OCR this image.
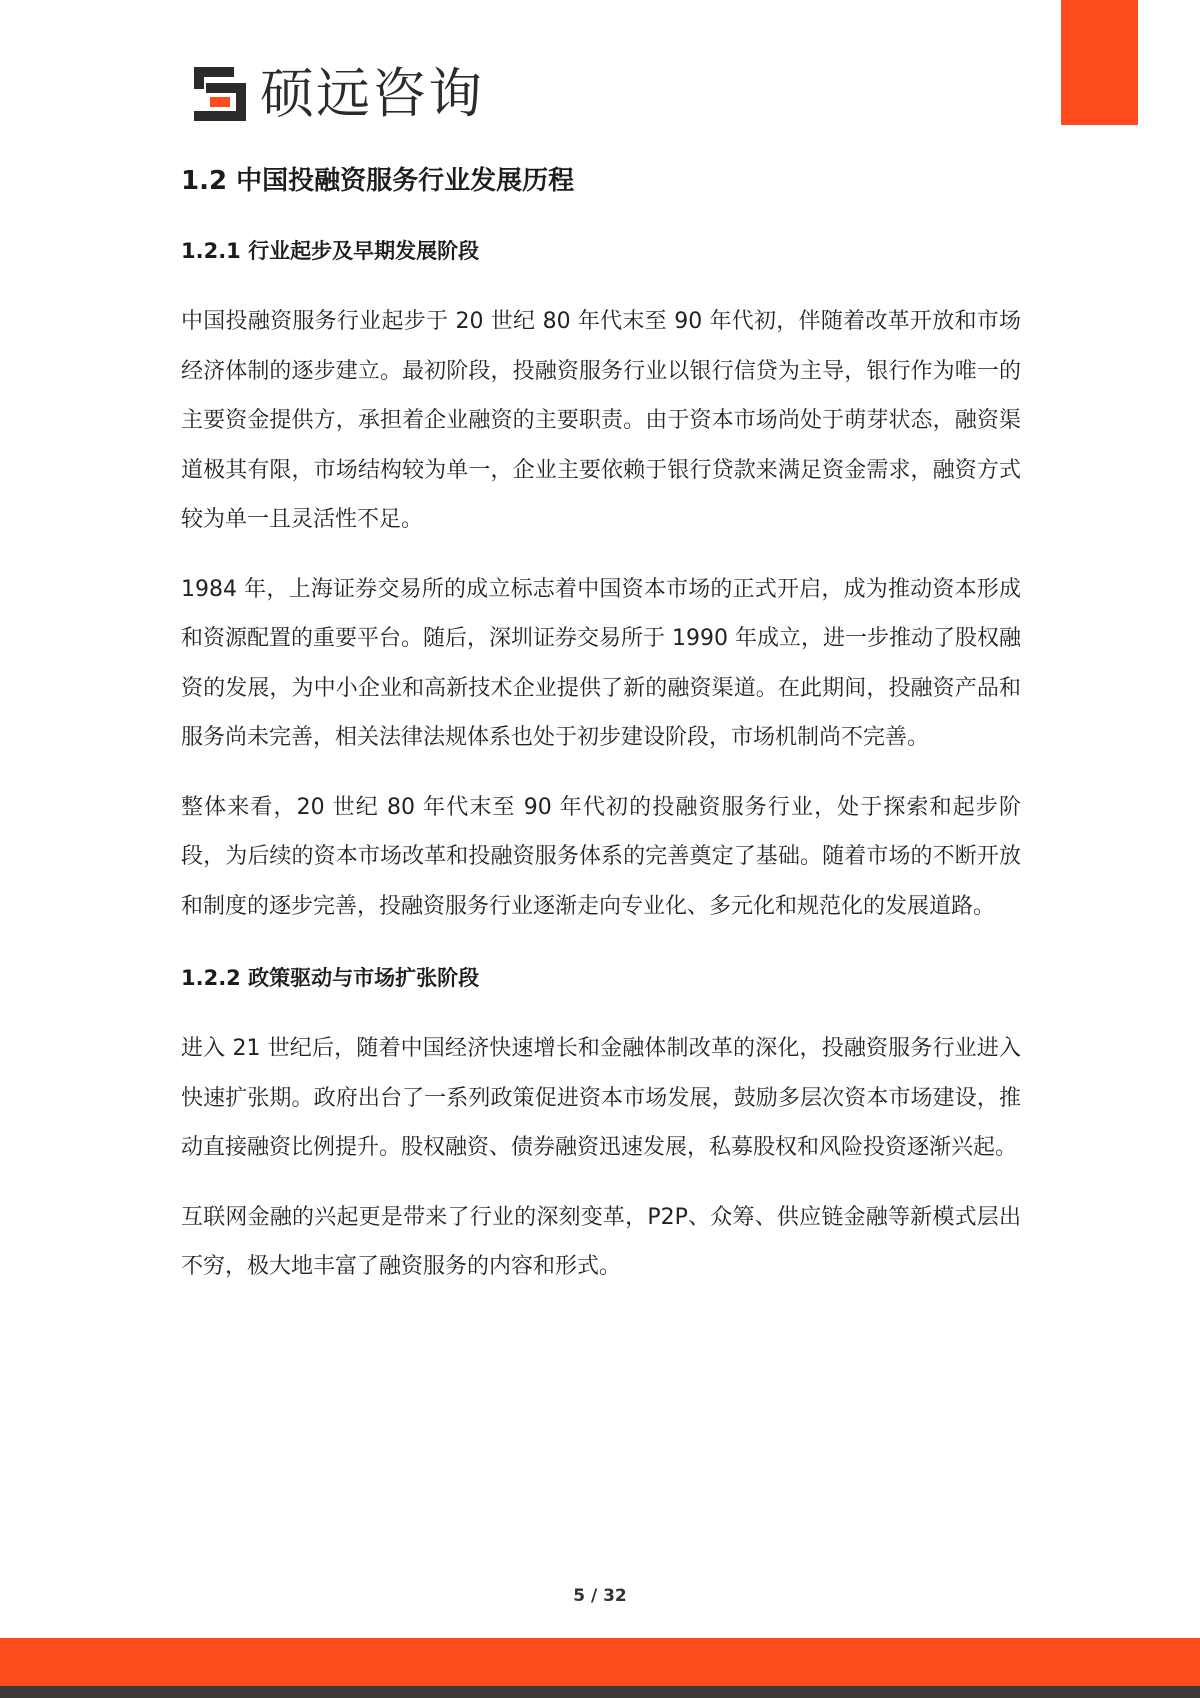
硕远咨询
1.2 中国投融资服务行业发展历程
1.2.1 行业起步及早期发展阶段

中国投融资服务行业起步于 20 世纪 80 年代末至 90 年代初，伴随着改革开放和市场经济体制的逐步建立。最初阶段，投融资服务行业以银行信贷为主导，银行作为唯一的主要资金提供方，承担着企业融资的主要职责。由于资本市场尚处于萌芽状态，融资渠道极其有限，市场结构较为单一，企业主要依赖于银行贷款来满足资金需求，融资方式较为单一且灵活性不足。

1984 年，上海证券交易所的成立标志着中国资本市场的正式开启，成为推动资本形成和资源配置的重要平台。随后，深圳证券交易所于 1990 年成立，进一步推动了股权融资的发展，为中小企业和高新技术企业提供了新的融资渠道。在此期间，投融资产品和服务尚未完善，相关法律法规体系也处于初步建设阶段，市场机制尚不完善。

整体来看，20 世纪 80 年代末至 90 年代初的投融资服务行业，处于探索和起步阶段，为后续的资本市场改革和投融资服务体系的完善奠定了基础。随着市场的不断开放和制度的逐步完善，投融资服务行业逐渐走向专业化、多元化和规范化的发展道路。

1.2.2 政策驱动与市场扩张阶段

进入 21 世纪后，随着中国经济快速增长和金融体制改革的深化，投融资服务行业进入快速扩张期。政府出台了一系列政策促进资本市场发展，鼓励多层次资本市场建设，推动直接融资比例提升。股权融资、债券融资迅速发展，私募股权和风险投资逐渐兴起。

互联网金融的兴起更是带来了行业的深刻变革，P2P、众筹、供应链金融等新模式层出不穷，极大地丰富了融资服务的内容和形式。

5 / 32
